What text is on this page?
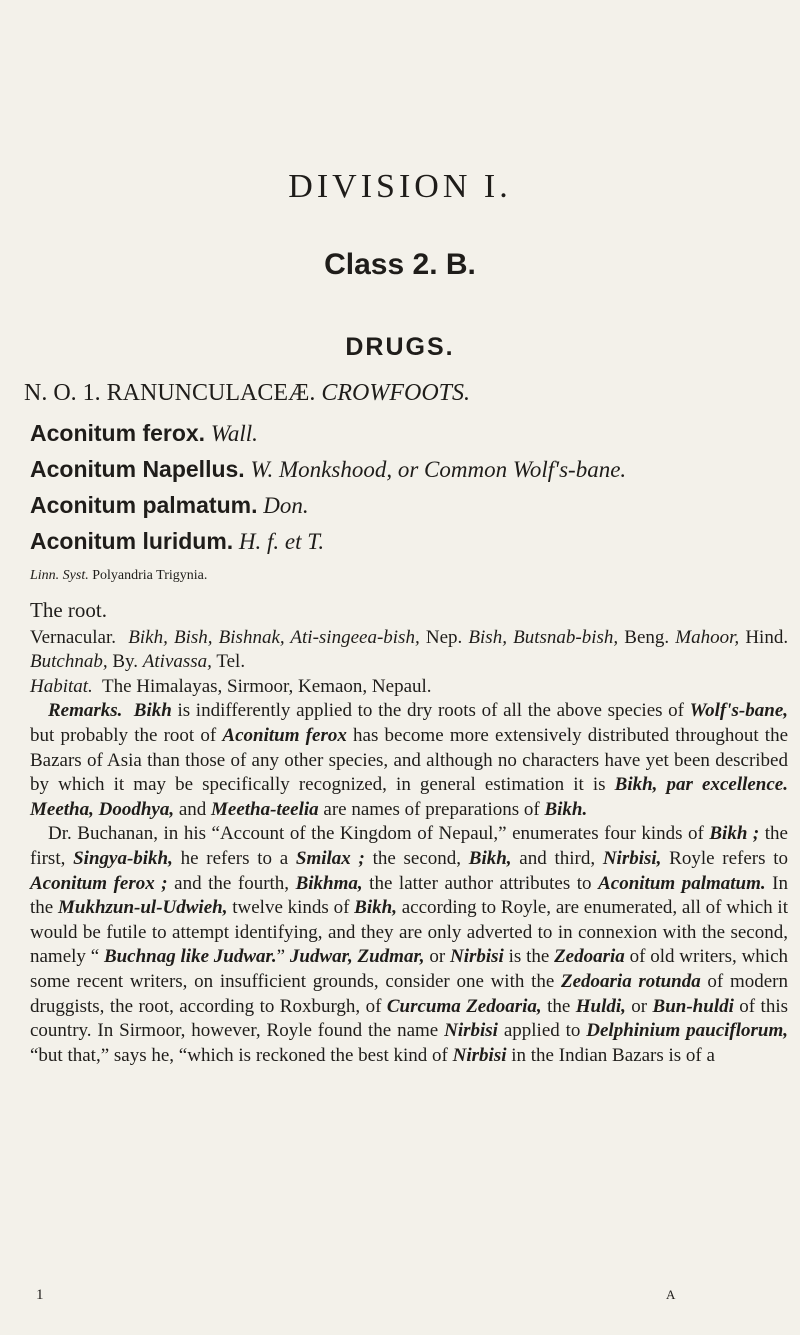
DIVISION I.
Class 2. B.
DRUGS.
N. O. 1. RANUNCULACEÆ. CROWFOOTS.
Aconitum ferox. Wall.
Aconitum Napellus. W. Monkshood, or Common Wolf's-bane.
Aconitum palmatum. Don.
Aconitum luridum. H. f. et T.
Linn. Syst. Polyandria Trigynia.

The root.

Vernacular. Bikh, Bish, Bishnak, Ati-singeea-bish, Nep. Bish, Butsnab-bish, Beng. Mahoor, Hind. Butchnab, By. Ativassa, Tel.

Habitat. The Himalayas, Sirmoor, Kemaon, Nepaul.

Remarks. Bikh is indifferently applied to the dry roots of all the above species of Wolf's-bane, but probably the root of Aconitum ferox has become more extensively distributed throughout the Bazars of Asia than those of any other species, and although no characters have yet been described by which it may be specifically recognized, in general estimation it is Bikh, par excellence. Meetha, Doodhya, and Meetha-teelia are names of preparations of Bikh.

Dr. Buchanan, in his “Account of the Kingdom of Nepaul,” enumerates four kinds of Bikh ; the first, Singya-bikh, he refers to a Smilax ; the second, Bikh, and third, Nirbisi, Royle refers to Aconitum ferox ; and the fourth, Bikhma, the latter author attributes to Aconitum palmatum. In the Mukhzun-ul-Udwieh, twelve kinds of Bikh, according to Royle, are enumerated, all of which it would be futile to attempt identifying, and they are only adverted to in connexion with the second, namely “ Buchnag like Judwar.” Judwar, Zudmar, or Nirbisi is the Zedoaria of old writers, which some recent writers, on insufficient grounds, consider one with the Zedoaria rotunda of modern druggists, the root, according to Roxburgh, of Curcuma Zedoaria, the Huldi, or Bun-huldi of this country. In Sirmoor, however, Royle found the name Nirbisi applied to Delphinium pauciflorum, “but that,” says he, “which is reckoned the best kind of Nirbisi in the Indian Bazars is of a

1	A
